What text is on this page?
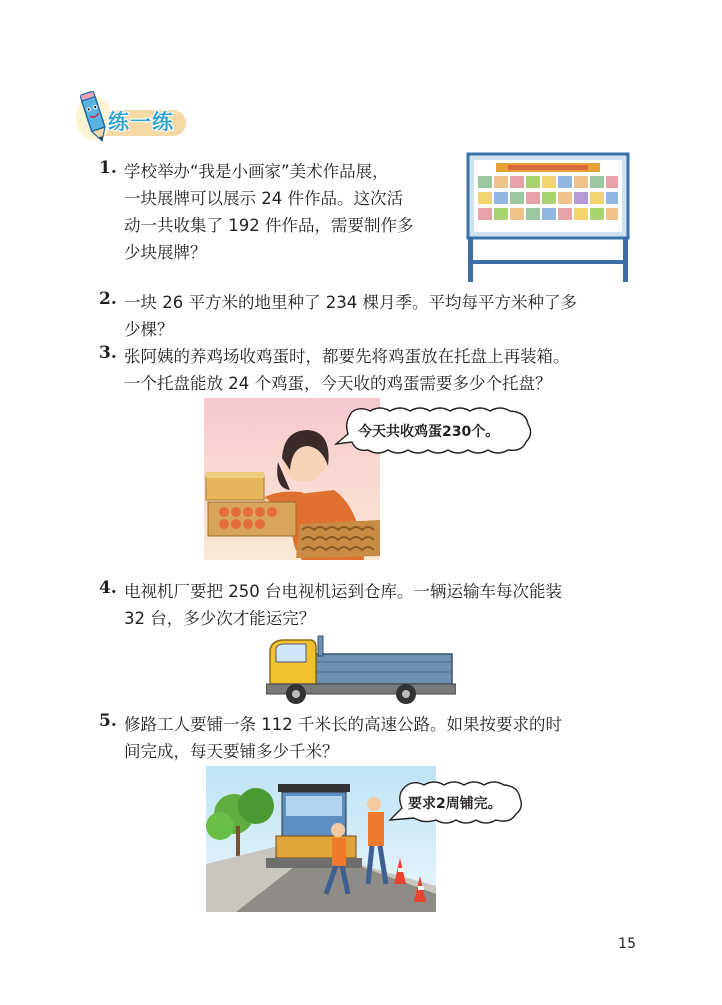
练一练
1. 学校举办“我是小画家”美术作品展，
一块展牌可以展示 24 件作品。这次活
动一共收集了 192 件作品，需要制作多
少块展牌？
2. 一块 26 平方米的地里种了 234 棵月季。平均每平方米种了多
少棵？
3. 张阿姨的养鸡场收鸡蛋时，都要先将鸡蛋放在托盘上再装箱。
一个托盘能放 24 个鸡蛋，今天收的鸡蛋需要多少个托盘？
今天共收鸡蛋230个。
4. 电视机厂要把 250 台电视机运到仓库。一辆运输车每次能装
32 台，多少次才能运完？
5. 修路工人要铺一条 112 千米长的高速公路。如果按要求的时
间完成，每天要铺多少千米？
要求2周铺完。
15
